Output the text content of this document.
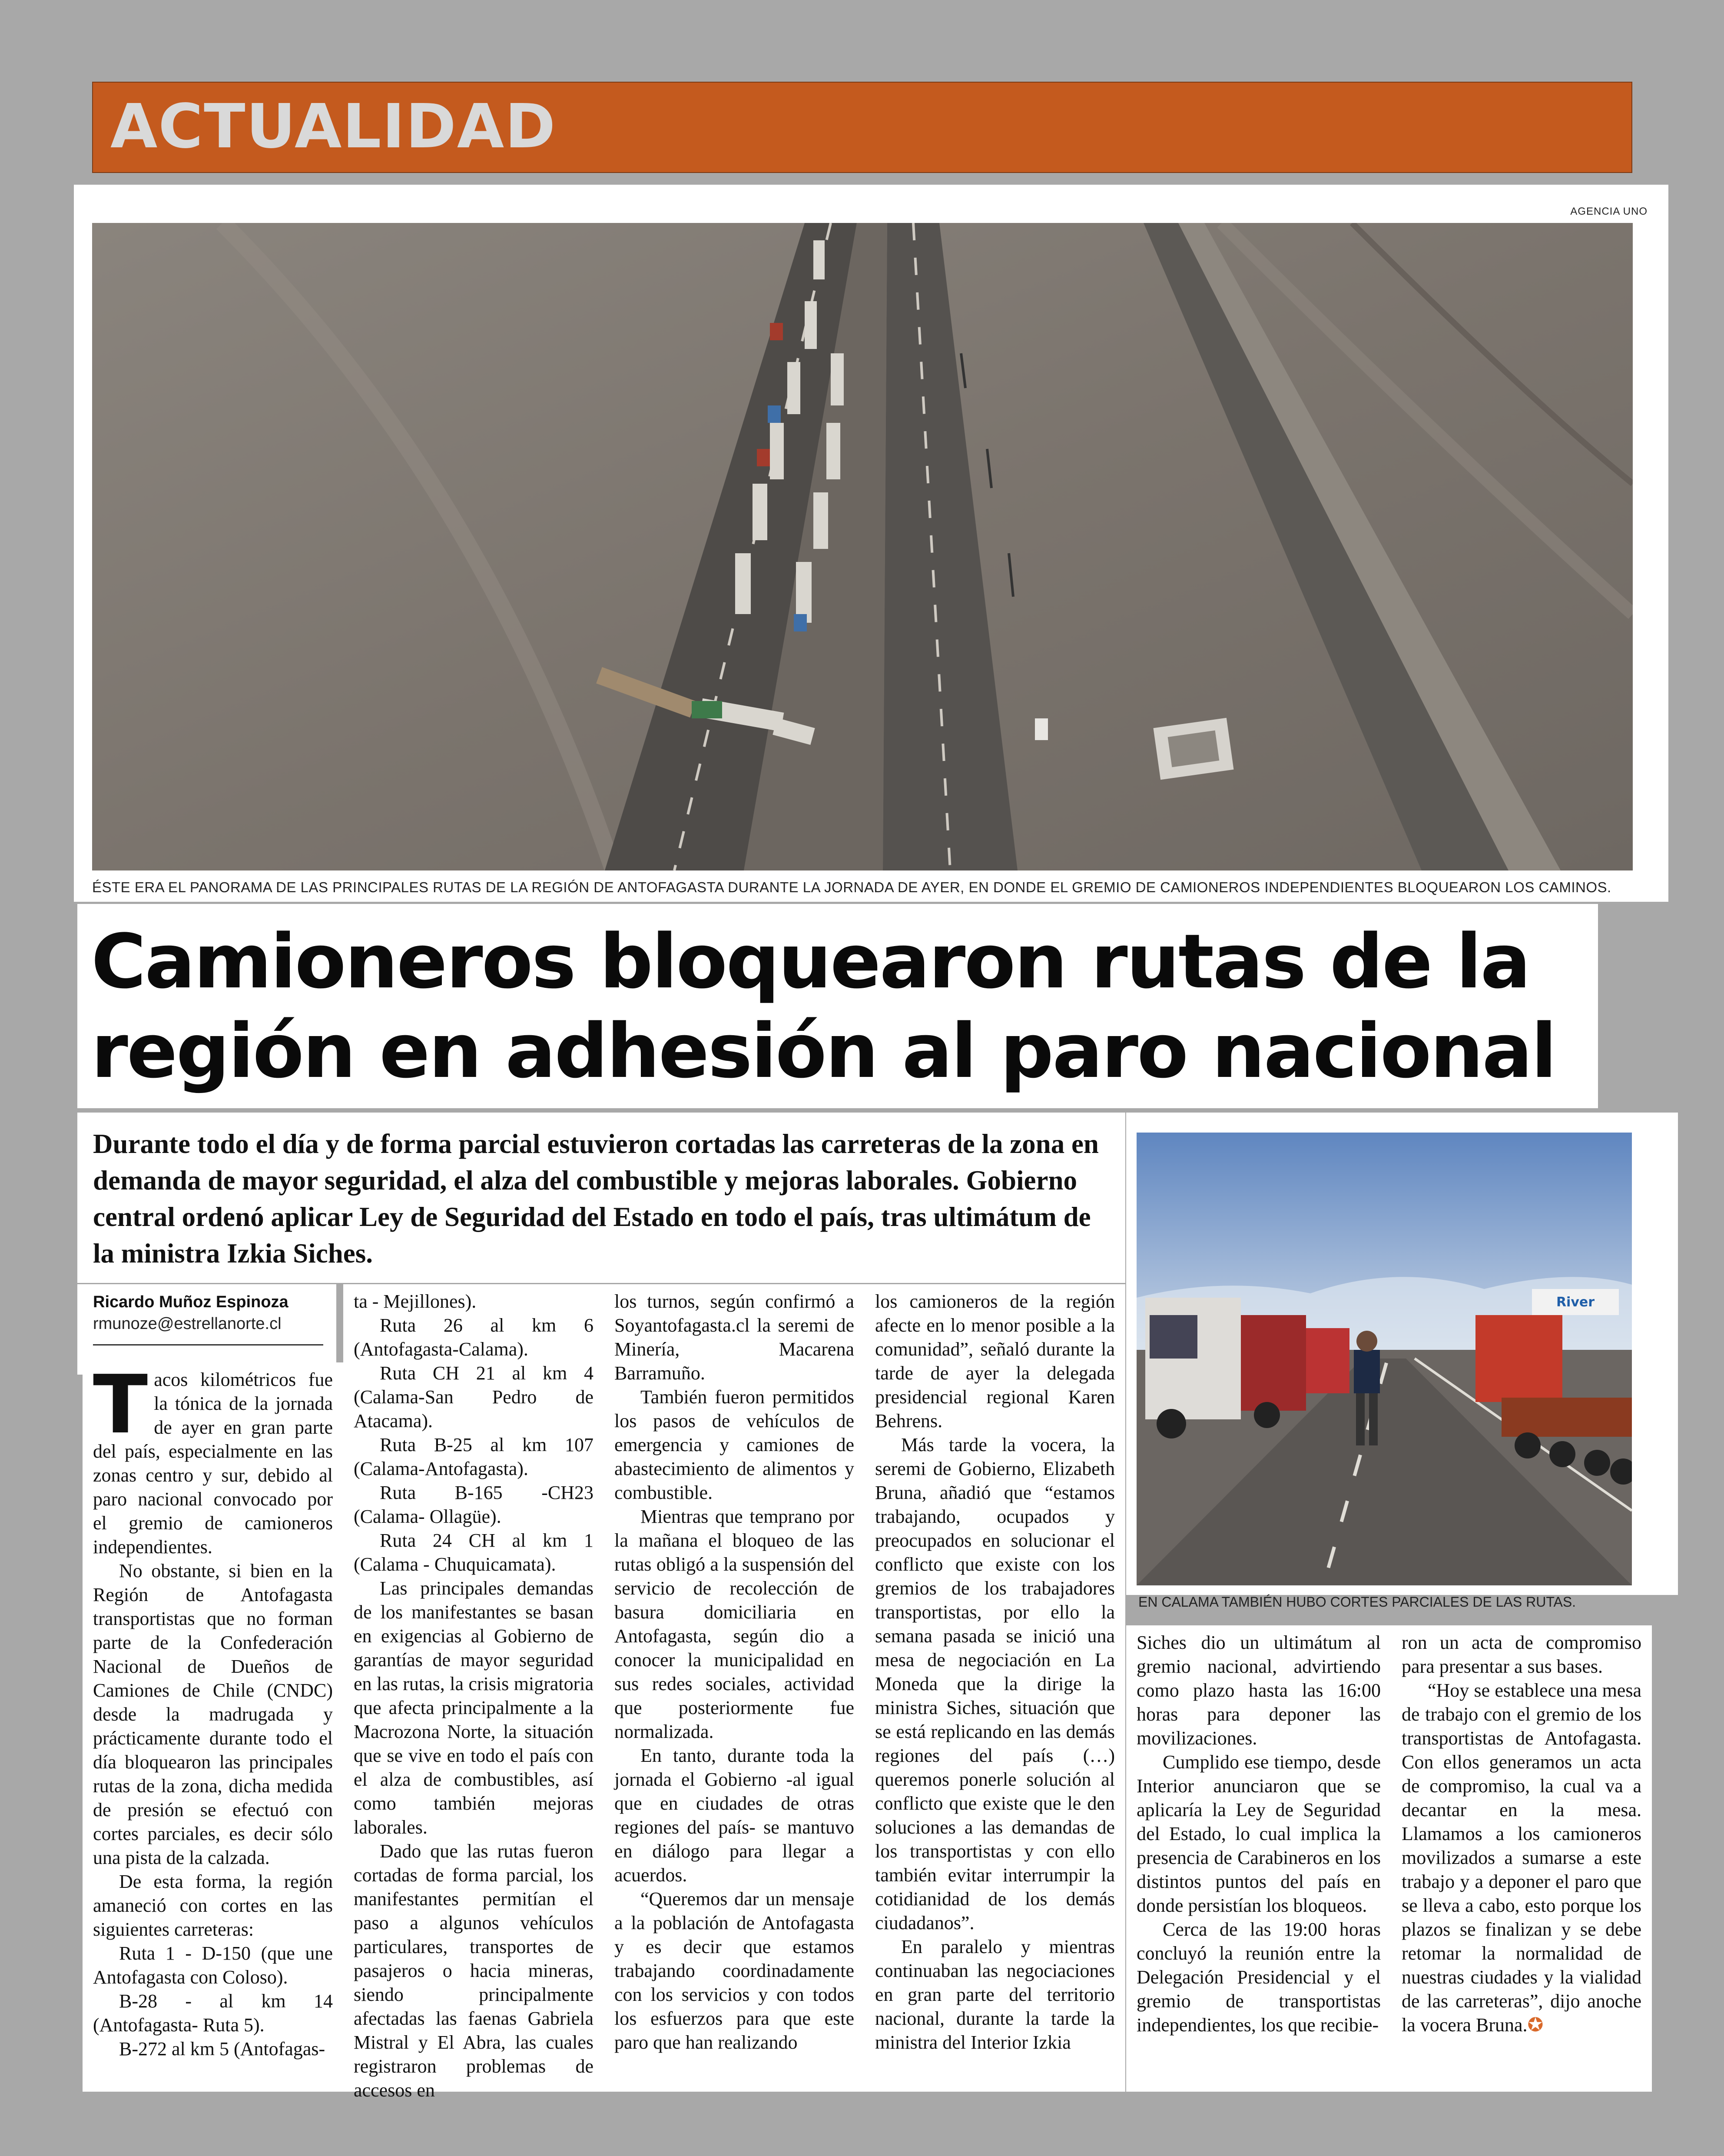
ACTUALIDAD
AGENCIA UNO
ÉSTE ERA EL PANORAMA DE LAS PRINCIPALES RUTAS DE LA REGIÓN DE ANTOFAGASTA DURANTE LA JORNADA DE AYER, EN DONDE EL GREMIO DE CAMIONEROS INDEPENDIENTES BLOQUEARON LOS CAMINOS.
Camioneros bloquearon rutas de la
región en adhesión al paro nacional

Durante todo el día y de forma parcial estuvieron cortadas las carreteras de la zona en demanda de mayor seguridad, el alza del combustible y mejoras laborales. Gobierno central ordenó aplicar Ley de Seguridad del Estado en todo el país, tras ultimátum de la ministra Izkia Siches.

River
EN CALAMA TAMBIÉN HUBO CORTES PARCIALES DE LAS RUTAS.
Ricardo Muñoz Espinoza
rmunoze@estrellanorte.cl
T acos kilométricos fue la tónica de la jornada de ayer en gran parte del país, especialmente en las zonas centro y sur, debido al paro nacional convocado por el gremio de camioneros independientes.

No obstante, si bien en la Región de Antofagasta transportistas que no forman parte de la Confederación Nacional de Dueños de Camiones de Chile (CNDC) desde la madrugada y prácticamente durante todo el día bloquearon las principales rutas de la zona, dicha medida de presión se efectuó con cortes parciales, es decir sólo una pista de la calzada.

De esta forma, la región amaneció con cortes en las siguientes carreteras:

Ruta 1 - D-150 (que une Antofagasta con Coloso).

B-28 - al km 14 (Antofagasta- Ruta 5).

B-272 al km 5 (Antofagas-

ta - Mejillones).

Ruta 26 al km 6 (Antofagasta-Calama).

Ruta CH 21 al km 4 (Calama-San Pedro de Atacama).

Ruta B-25 al km 107 (Calama-Antofagasta).

Ruta B-165 -CH23 (Calama- Ollagüe).

Ruta 24 CH al km 1 (Calama - Chuquicamata).

Las principales demandas de los manifestantes se basan en exigencias al Gobierno de garantías de mayor seguridad en las rutas, la crisis migratoria que afecta principalmente a la Macrozona Norte, la situación que se vive en todo el país con el alza de combustibles, así como también mejoras laborales.

Dado que las rutas fueron cortadas de forma parcial, los manifestantes permitían el paso a algunos vehículos particulares, transportes de pasajeros o hacia mineras, siendo principalmente afectadas las faenas Gabriela Mistral y El Abra, las cuales registraron problemas de accesos en

los turnos, según confirmó a Soyantofagasta.cl la seremi de Minería, Macarena Barramuño.

También fueron permitidos los pasos de vehículos de emergencia y camiones de abastecimiento de alimentos y combustible.

Mientras que temprano por la mañana el bloqueo de las rutas obligó a la suspensión del servicio de recolección de basura domiciliaria en Antofagasta, según dio a conocer la municipalidad en sus redes sociales, actividad que posteriormente fue normalizada.

En tanto, durante toda la jornada el Gobierno -al igual que en ciudades de otras regiones del país- se mantuvo en diálogo para llegar a acuerdos.

“Queremos dar un mensaje a la población de Antofagasta y es decir que estamos trabajando coordinadamente con los servicios y con todos los esfuerzos para que este paro que han realizando

los camioneros de la región afecte en lo menor posible a la comunidad”, señaló durante la tarde de ayer la delegada presidencial regional Karen Behrens.

Más tarde la vocera, la seremi de Gobierno, Elizabeth Bruna, añadió que “estamos trabajando, ocupados y preocupados en solucionar el conflicto que existe con los gremios de los trabajadores transportistas, por ello la semana pasada se inició una mesa de negociación en La Moneda que la dirige la ministra Siches, situación que se está replicando en las demás regiones del país (…) queremos ponerle solución al conflicto que existe que le den soluciones a las demandas de los transportistas y con ello también evitar interrumpir la cotidianidad de los demás ciudadanos”.

En paralelo y mientras continuaban las negociaciones en gran parte del territorio nacional, durante la tarde la ministra del Interior Izkia

Siches dio un ultimátum al gremio nacional, advirtiendo como plazo hasta las 16:00 horas para deponer las movilizaciones.

Cumplido ese tiempo, desde Interior anunciaron que se aplicaría la Ley de Seguridad del Estado, lo cual implica la presencia de Carabineros en los distintos puntos del país en donde persistían los bloqueos.

Cerca de las 19:00 horas concluyó la reunión entre la Delegación Presidencial y el gremio de transportistas independientes, los que recibie-

ron un acta de compromiso para presentar a sus bases.

“Hoy se establece una mesa de trabajo con el gremio de los transportistas de Antofagasta. Con ellos generamos un acta de compromiso, la cual va a decantar en la mesa. Llamamos a los camioneros movilizados a sumarse a este trabajo y a deponer el paro que se lleva a cabo, esto porque los plazos se finalizan y se debe retomar la normalidad de nuestras ciudades y la vialidad de las carreteras”, dijo anoche la vocera Bruna.✪
